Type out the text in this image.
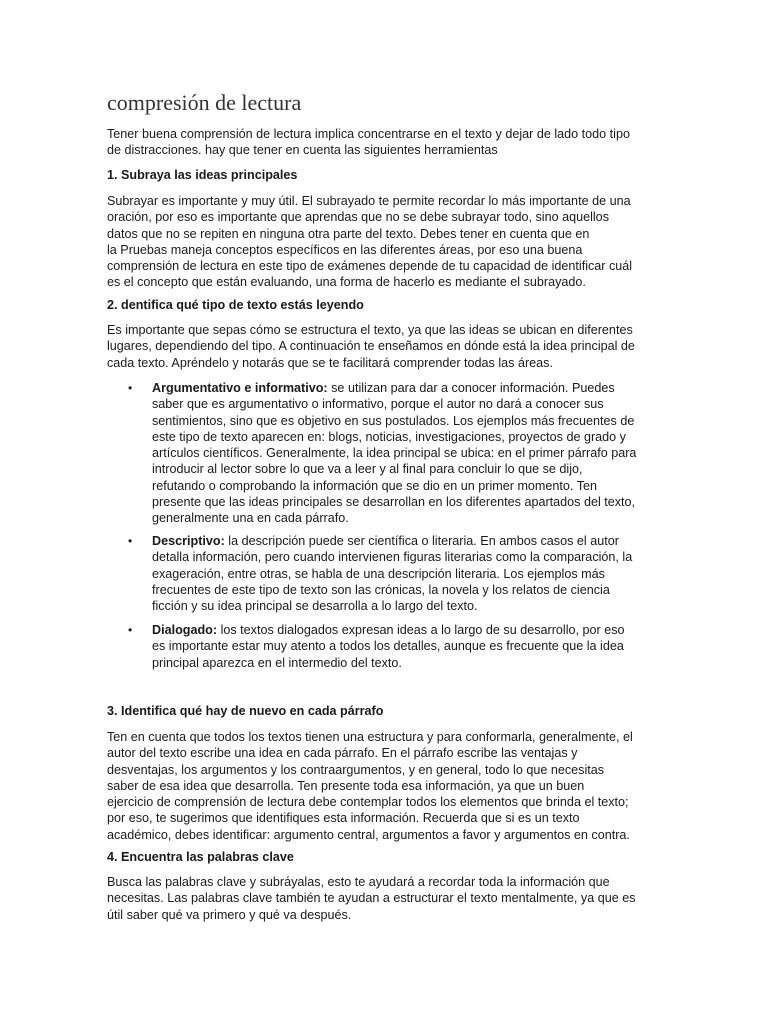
compresión de lectura

Tener buena comprensión de lectura implica concentrarse en el texto y dejar de lado todo tipo
de distracciones. hay que tener en cuenta las siguientes herramientas

1. Subraya las ideas principales

Subrayar es importante y muy útil. El subrayado te permite recordar lo más importante de una
oración, por eso es importante que aprendas que no se debe subrayar todo, sino aquellos
datos que no se repiten en ninguna otra parte del texto. Debes tener en cuenta que en
la Pruebas maneja conceptos específicos en las diferentes áreas, por eso una buena
comprensión de lectura en este tipo de exámenes depende de tu capacidad de identificar cuál
es el concepto que están evaluando, una forma de hacerlo es mediante el subrayado.

2. dentifica qué tipo de texto estás leyendo

Es importante que sepas cómo se estructura el texto, ya que las ideas se ubican en diferentes
lugares, dependiendo del tipo. A continuación te enseñamos en dónde está la idea principal de
cada texto. Apréndelo y notarás que se te facilitará comprender todas las áreas.

• Argumentativo e informativo: se utilizan para dar a conocer información. Puedes
saber que es argumentativo o informativo, porque el autor no dará a conocer sus
sentimientos, sino que es objetivo en sus postulados. Los ejemplos más frecuentes de
este tipo de texto aparecen en: blogs, noticias, investigaciones, proyectos de grado y
artículos científicos. Generalmente, la idea principal se ubica: en el primer párrafo para
introducir al lector sobre lo que va a leer y al final para concluir lo que se dijo,
refutando o comprobando la información que se dio en un primer momento. Ten
presente que las ideas principales se desarrollan en los diferentes apartados del texto,
generalmente una en cada párrafo.
• Descriptivo: la descripción puede ser científica o literaria. En ambos casos el autor
detalla información, pero cuando intervienen figuras literarias como la comparación, la
exageración, entre otras, se habla de una descripción literaria. Los ejemplos más
frecuentes de este tipo de texto son las crónicas, la novela y los relatos de ciencia
ficción y su idea principal se desarrolla a lo largo del texto.
• Dialogado: los textos dialogados expresan ideas a lo largo de su desarrollo, por eso
es importante estar muy atento a todos los detalles, aunque es frecuente que la idea
principal aparezca en el intermedio del texto.
3. Identifica qué hay de nuevo en cada párrafo

Ten en cuenta que todos los textos tienen una estructura y para conformarla, generalmente, el
autor del texto escribe una idea en cada párrafo. En el párrafo escribe las ventajas y
desventajas, los argumentos y los contraargumentos, y en general, todo lo que necesitas
saber de esa idea que desarrolla. Ten presente toda esa información, ya que un buen
ejercicio de comprensión de lectura debe contemplar todos los elementos que brinda el texto;
por eso, te sugerimos que identifiques esta información. Recuerda que si es un texto
académico, debes identificar: argumento central, argumentos a favor y argumentos en contra.

4. Encuentra las palabras clave

Busca las palabras clave y subráyalas, esto te ayudará a recordar toda la información que
necesitas. Las palabras clave también te ayudan a estructurar el texto mentalmente, ya que es
útil saber qué va primero y qué va después.
